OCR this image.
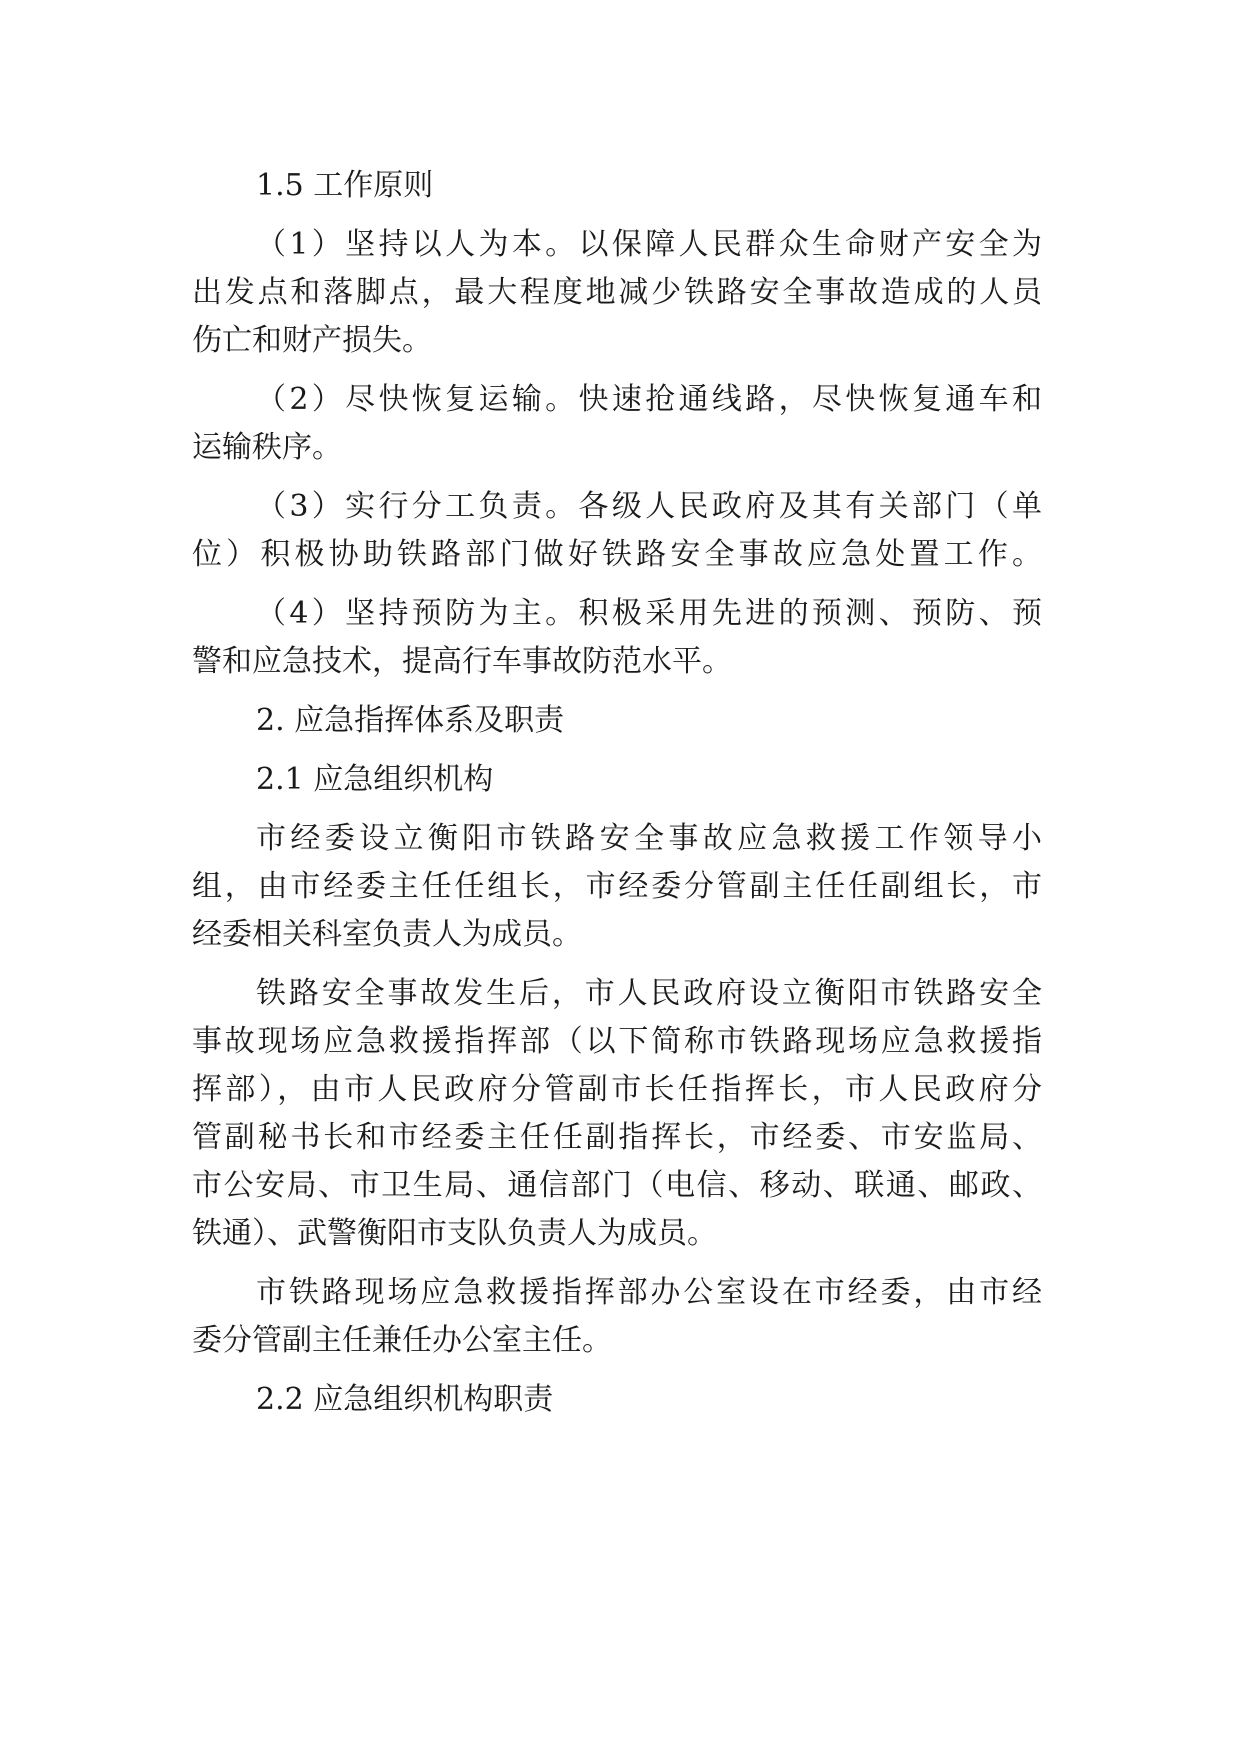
1.5 工作原则
（1）坚持以人为本。以保障人民群众生命财产安全为
出发点和落脚点，最大程度地减少铁路安全事故造成的人员
伤亡和财产损失。
（2）尽快恢复运输。快速抢通线路，尽快恢复通车和
运输秩序。
（3）实行分工负责。各级人民政府及其有关部门（单
位）积极协助铁路部门做好铁路安全事故应急处置工作。
（4）坚持预防为主。积极采用先进的预测、预防、预
警和应急技术，提高行车事故防范水平。
2. 应急指挥体系及职责
2.1 应急组织机构
市经委设立衡阳市铁路安全事故应急救援工作领导小
组，由市经委主任任组长，市经委分管副主任任副组长，市
经委相关科室负责人为成员。
铁路安全事故发生后，市人民政府设立衡阳市铁路安全
事故现场应急救援指挥部（以下简称市铁路现场应急救援指
挥部），由市人民政府分管副市长任指挥长，市人民政府分
管副秘书长和市经委主任任副指挥长，市经委、市安监局、
市公安局、市卫生局、通信部门（电信、移动、联通、邮政、
铁通）、武警衡阳市支队负责人为成员。
市铁路现场应急救援指挥部办公室设在市经委，由市经
委分管副主任兼任办公室主任。
2.2 应急组织机构职责
